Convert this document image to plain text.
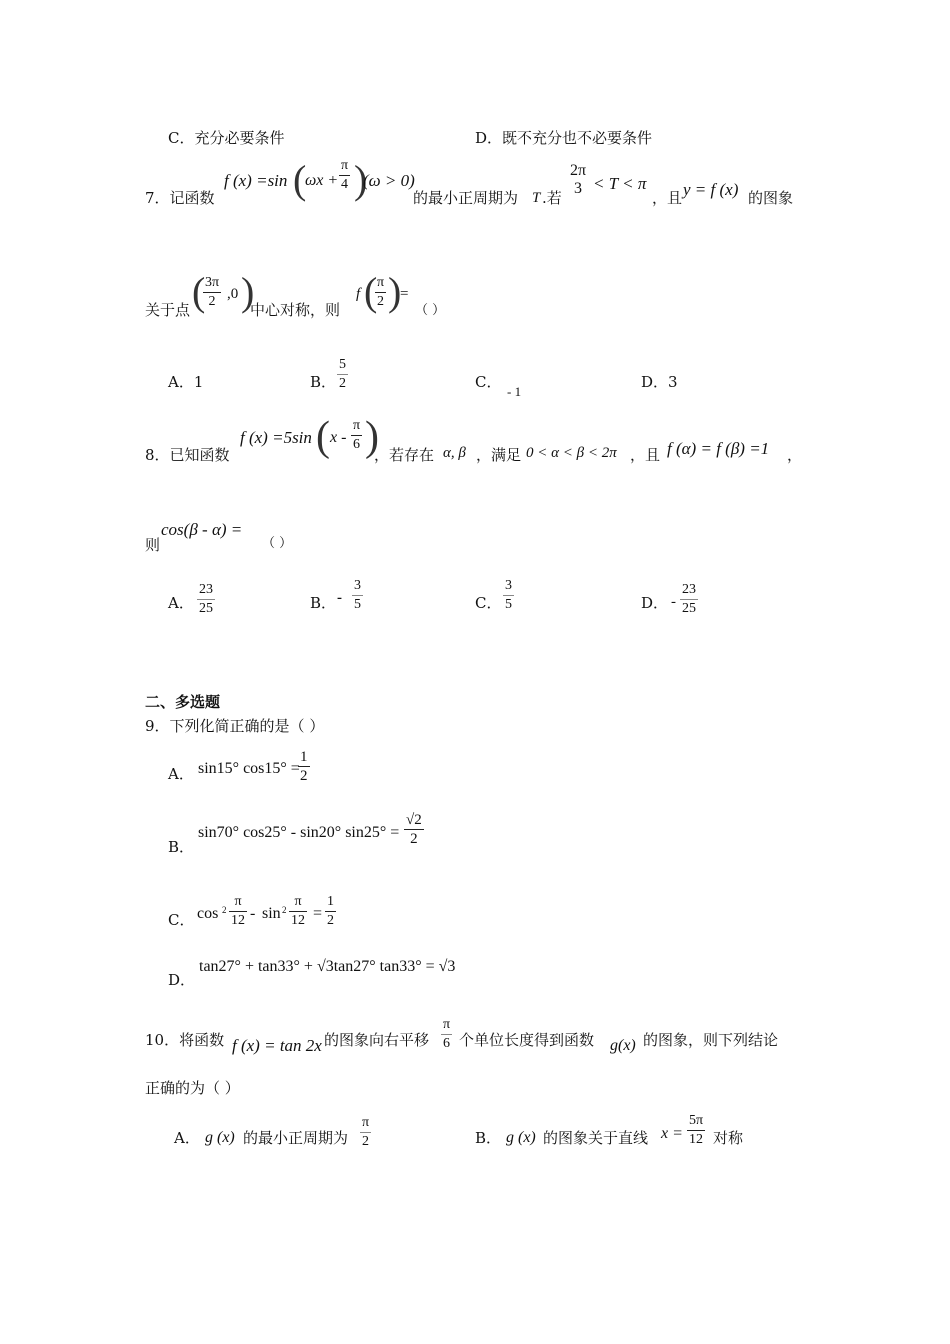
C．充分必要条件	D．既不充分也不必要条件
7．记函数
f (x) =sin (
ωx +
π
4 )
(ω > 0)
的最小正周期为 T .若
2π
3 < T < π
，且 y = f (x) 的图象
关于点 ( 3π
2 ,0 )
中心对称，则
f ( π
2 )
=
（ ）
A．1	B．
5
2	C．
- 1
D．3
8．已知函数
f (x) =5sin ( x -
π
6 )
，若存在 α, β ，满足 0 < α < β < 2π ，且 f (α) = f (β) =1 ，
则
cos(β - α) =
（ ）
A．
23
25	B． -
3
5	C．
3
5	D． -
23
25
二、多选题
9．下列化简正确的是（ ）
A． sin15° cos15° =
1
2
B．
sin70° cos25° - sin20° sin25° =
√2
2
C． cos 2
π
12 - sin 2
π
12 =
1
2
D．
tan27° + tan33° + √3tan27° tan33° = √3
10．将函数 f (x) = tan 2x 的图象向右平移
π
6 个单位长度得到函数 g(x) 的图象，则下列结论
正确的为（ ）
A． g (x) 的最小正周期为
π
2	B． g (x) 的图象关于直线 x =
5π
12 对称
